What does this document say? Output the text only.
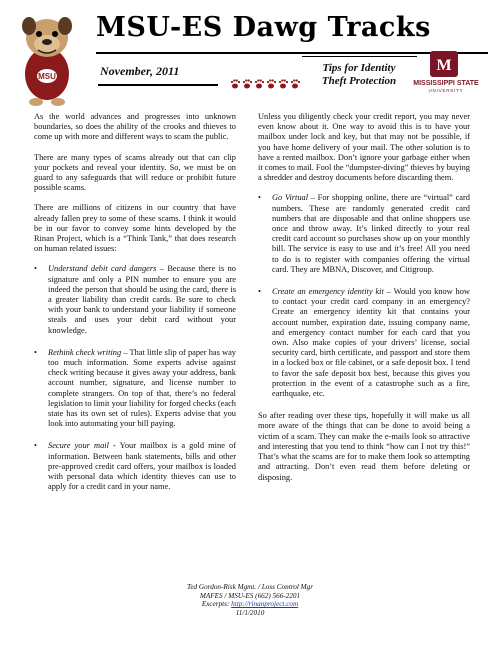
MSU
MSU-ES Dawg Tracks
November, 2011	Tips for Identity
Theft Protection
M
MISSISSIPPI STATE
UNIVERSITY

As the world advances and progresses into unknown boundaries, so does the ability of the crooks and thieves to come up with more and different ways to scam the public.

There are many types of scams already out that can clip your pockets and reveal your identity. So, we must be on guard to any safeguards that will reduce or prohibit future possible scams.

There are millions of citizens in our country that have already fallen prey to some of these scams. I think it would be in our favor to convey some hints developed by the Rinan Project, which is a “Think Tank,” that does research on human related issues:

• Understand debit card dangers – Because there is no signature and only a PIN number to ensure you are indeed the person that should be using the card, there is a greater liability than credit cards. Be sure to check with your bank to understand your liability if someone steals and uses your debit card without your knowledge.
• Rethink check writing – That little slip of paper has way too much information. Some experts advise against check writing because it gives away your address, bank account number, signature, and license number to complete strangers. On top of that, there’s no federal legislation to limit your liability for forged checks (each state has its own set of rules). Experts advise that you look into automating your bill paying.
• Secure your mail - Your mailbox is a gold mine of information. Between bank statements, bills and other pre-approved credit card offers, your mailbox is loaded with personal data which identity thieves can use to apply for a credit card in your name.

Unless you diligently check your credit report, you may never even know about it. One way to avoid this is to have your mailbox under lock and key, but that may not be possible, if you have home delivery of your mail. The other solution is to have a rented mailbox. Don’t ignore your garbage either when it comes to mail. Fool the “dumpster-diving” thieves by buying a shredder and destroy documents before discarding them.

• Go Virtual – For shopping online, there are “virtual” card numbers. These are randomly generated credit card numbers that are disposable and that online shoppers use once and throw away. It’s linked directly to your real credit card account so purchases show up on your monthly bill. The service is easy to use and it’s free! All you need to do is to register with companies offering the virtual card. They are MBNA, Discover, and Citigroup.
• Create an emergency identity kit – Would you know how to contact your credit card company in an emergency? Create an emergency identity kit that contains your account number, expiration date, issuing company name, and emergency contact number for each card that you own. Also make copies of your drivers’ license, social security card, birth certificate, and passport and store them in a locked box or file cabinet, or a safe deposit box. I tend to favor the safe deposit box best, because this gives you protection in the event of a catastrophe such as a fire, earthquake, etc.

So after reading over these tips, hopefully it will make us all more aware of the things that can be done to avoid being a victim of a scam. They can make the e-mails look so attractive and interesting that you tend to think “how can I not try this!” That’s what the scams are for to make them look so attempting and attracting. Don’t even read them before deleting or disposing.

Ted Gordon-Risk Mgmt. / Loss Control Mgr
MAFES / MSU-ES (662) 566-2201
Excerpts: http://rinanproject.com
11/1/2010
